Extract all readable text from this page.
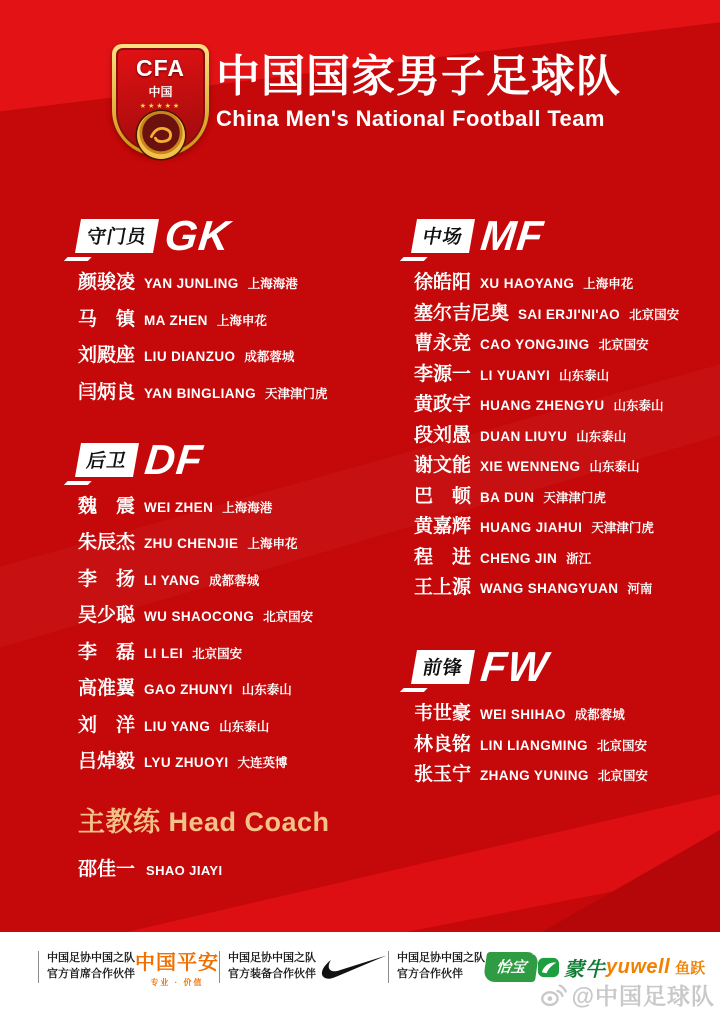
CFA
中国
★★★★★
中国国家男子足球队
China Men's National Football Team
守门员 GK
颜骏凌 YAN JUNLING 上海海港
马　镇 MA ZHEN 上海申花
刘殿座 LIU DIANZUO 成都蓉城
闫炳良 YAN BINGLIANG 天津津门虎
后卫 DF
魏　震 WEI ZHEN 上海海港
朱辰杰 ZHU CHENJIE 上海申花
李　扬 LI YANG 成都蓉城
吴少聪 WU SHAOCONG 北京国安
李　磊 LI LEI 北京国安
高准翼 GAO ZHUNYI 山东泰山
刘　洋 LIU YANG 山东泰山
吕焯毅 LYU ZHUOYI 大连英博
中场 MF
徐皓阳 XU HAOYANG 上海申花
塞尔吉尼奥 SAI ERJI'NI'AO 北京国安
曹永竞 CAO YONGJING 北京国安
李源一 LI YUANYI 山东泰山
黄政宇 HUANG ZHENGYU 山东泰山
段刘愚 DUAN LIUYU 山东泰山
谢文能 XIE WENNENG 山东泰山
巴　顿 BA DUN 天津津门虎
黄嘉辉 HUANG JIAHUI 天津津门虎
程　进 CHENG JIN 浙江
王上源 WANG SHANGYUAN 河南
前锋 FW
韦世豪 WEI SHIHAO 成都蓉城
林良铭 LIN LIANGMING 北京国安
张玉宁 ZHANG YUNING 北京国安
主教练 Head Coach
邵佳一 SHAO JIAYI
中国足协中国之队
官方首席合作伙伴 中国平安
专业 · 价值
中国足协中国之队
官方装备合作伙伴
中国足协中国之队
官方合作伙伴	怡宝
®
蒙牛 yuwell 鱼跃
@中国足球队
